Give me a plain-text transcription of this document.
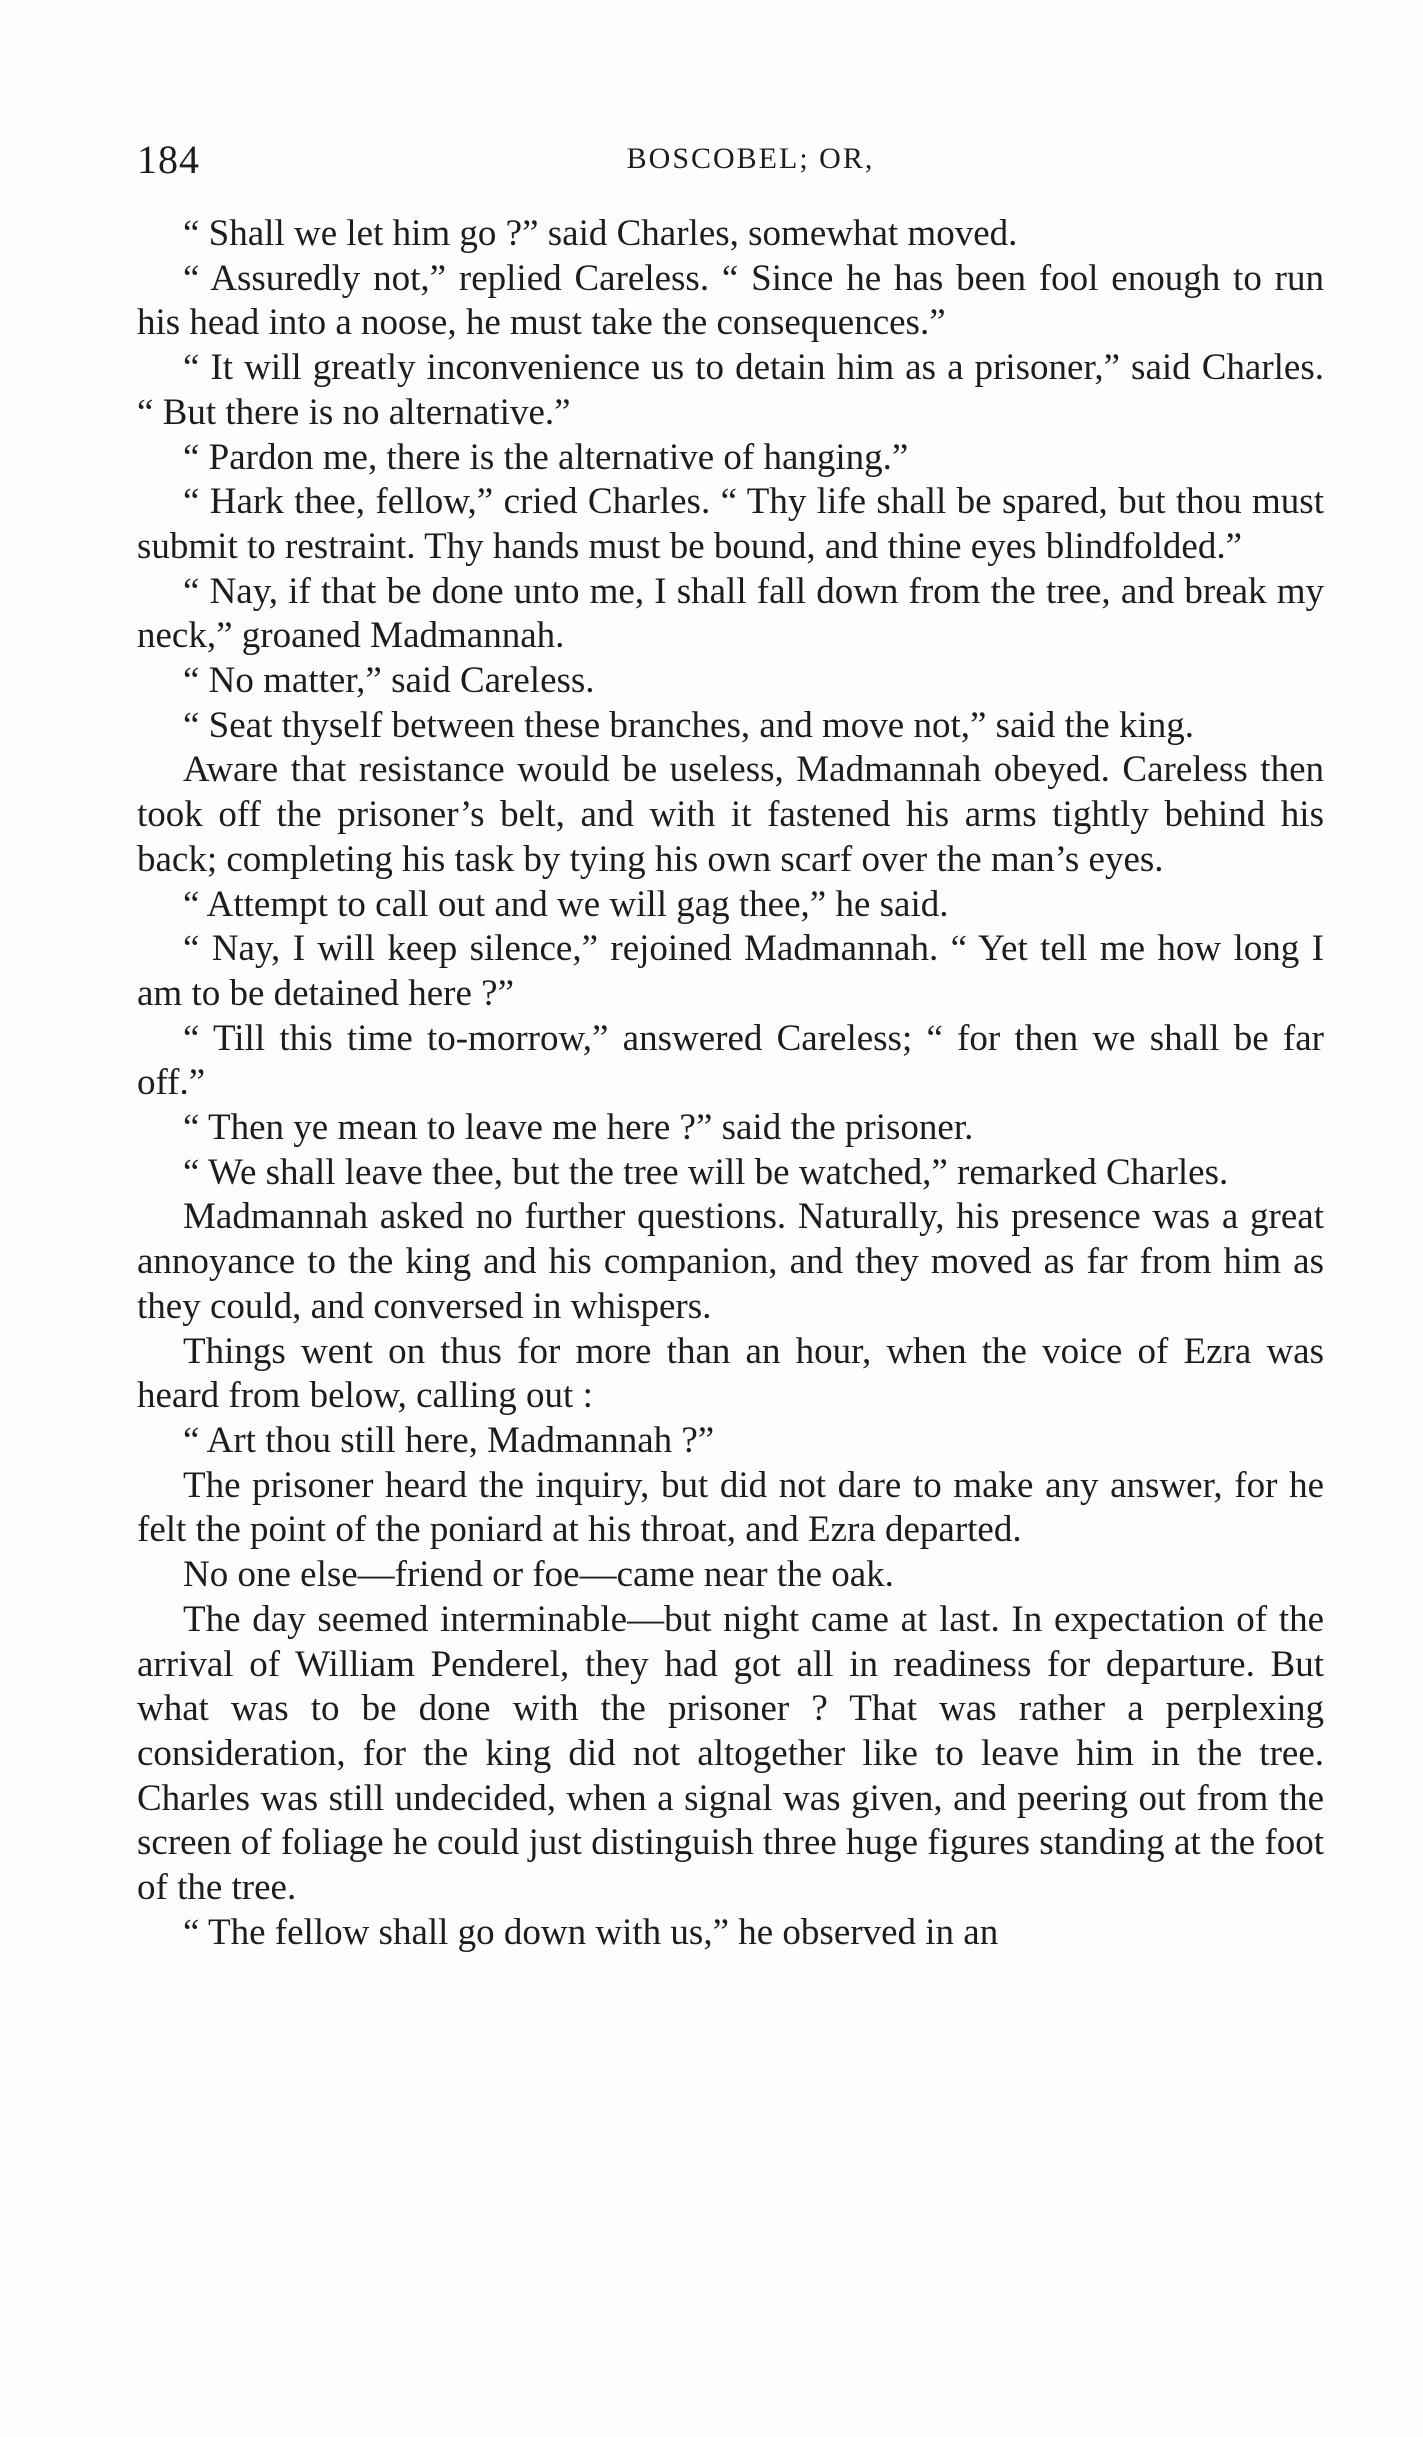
184	BOSCOBEL; OR,

“ Shall we let him go ?” said Charles, somewhat moved.

“ Assuredly not,” replied Careless. “ Since he has been fool enough to run his head into a noose, he must take the consequences.”

“ It will greatly inconvenience us to detain him as a prisoner,” said Charles. “ But there is no alternative.”

“ Pardon me, there is the alternative of hanging.”

“ Hark thee, fellow,” cried Charles. “ Thy life shall be spared, but thou must submit to restraint. Thy hands must be bound, and thine eyes blindfolded.”

“ Nay, if that be done unto me, I shall fall down from the tree, and break my neck,” groaned Madmannah.

“ No matter,” said Careless.

“ Seat thyself between these branches, and move not,” said the king.

Aware that resistance would be useless, Madmannah obeyed. Careless then took off the prisoner’s belt, and with it fastened his arms tightly behind his back; completing his task by tying his own scarf over the man’s eyes.

“ Attempt to call out and we will gag thee,” he said.

“ Nay, I will keep silence,” rejoined Madmannah. “ Yet tell me how long I am to be detained here ?”

“ Till this time to-morrow,” answered Careless; “ for then we shall be far off.”

“ Then ye mean to leave me here ?” said the prisoner.

“ We shall leave thee, but the tree will be watched,” remarked Charles.

Madmannah asked no further questions. Naturally, his presence was a great annoyance to the king and his companion, and they moved as far from him as they could, and conversed in whispers.

Things went on thus for more than an hour, when the voice of Ezra was heard from below, calling out :

“ Art thou still here, Madmannah ?”

The prisoner heard the inquiry, but did not dare to make any answer, for he felt the point of the poniard at his throat, and Ezra departed.

No one else—friend or foe—came near the oak.

The day seemed interminable—but night came at last. In expectation of the arrival of William Penderel, they had got all in readiness for departure. But what was to be done with the prisoner ? That was rather a perplexing consideration, for the king did not altogether like to leave him in the tree. Charles was still undecided, when a signal was given, and peering out from the screen of foliage he could just distinguish three huge figures standing at the foot of the tree.

“ The fellow shall go down with us,” he observed in an
